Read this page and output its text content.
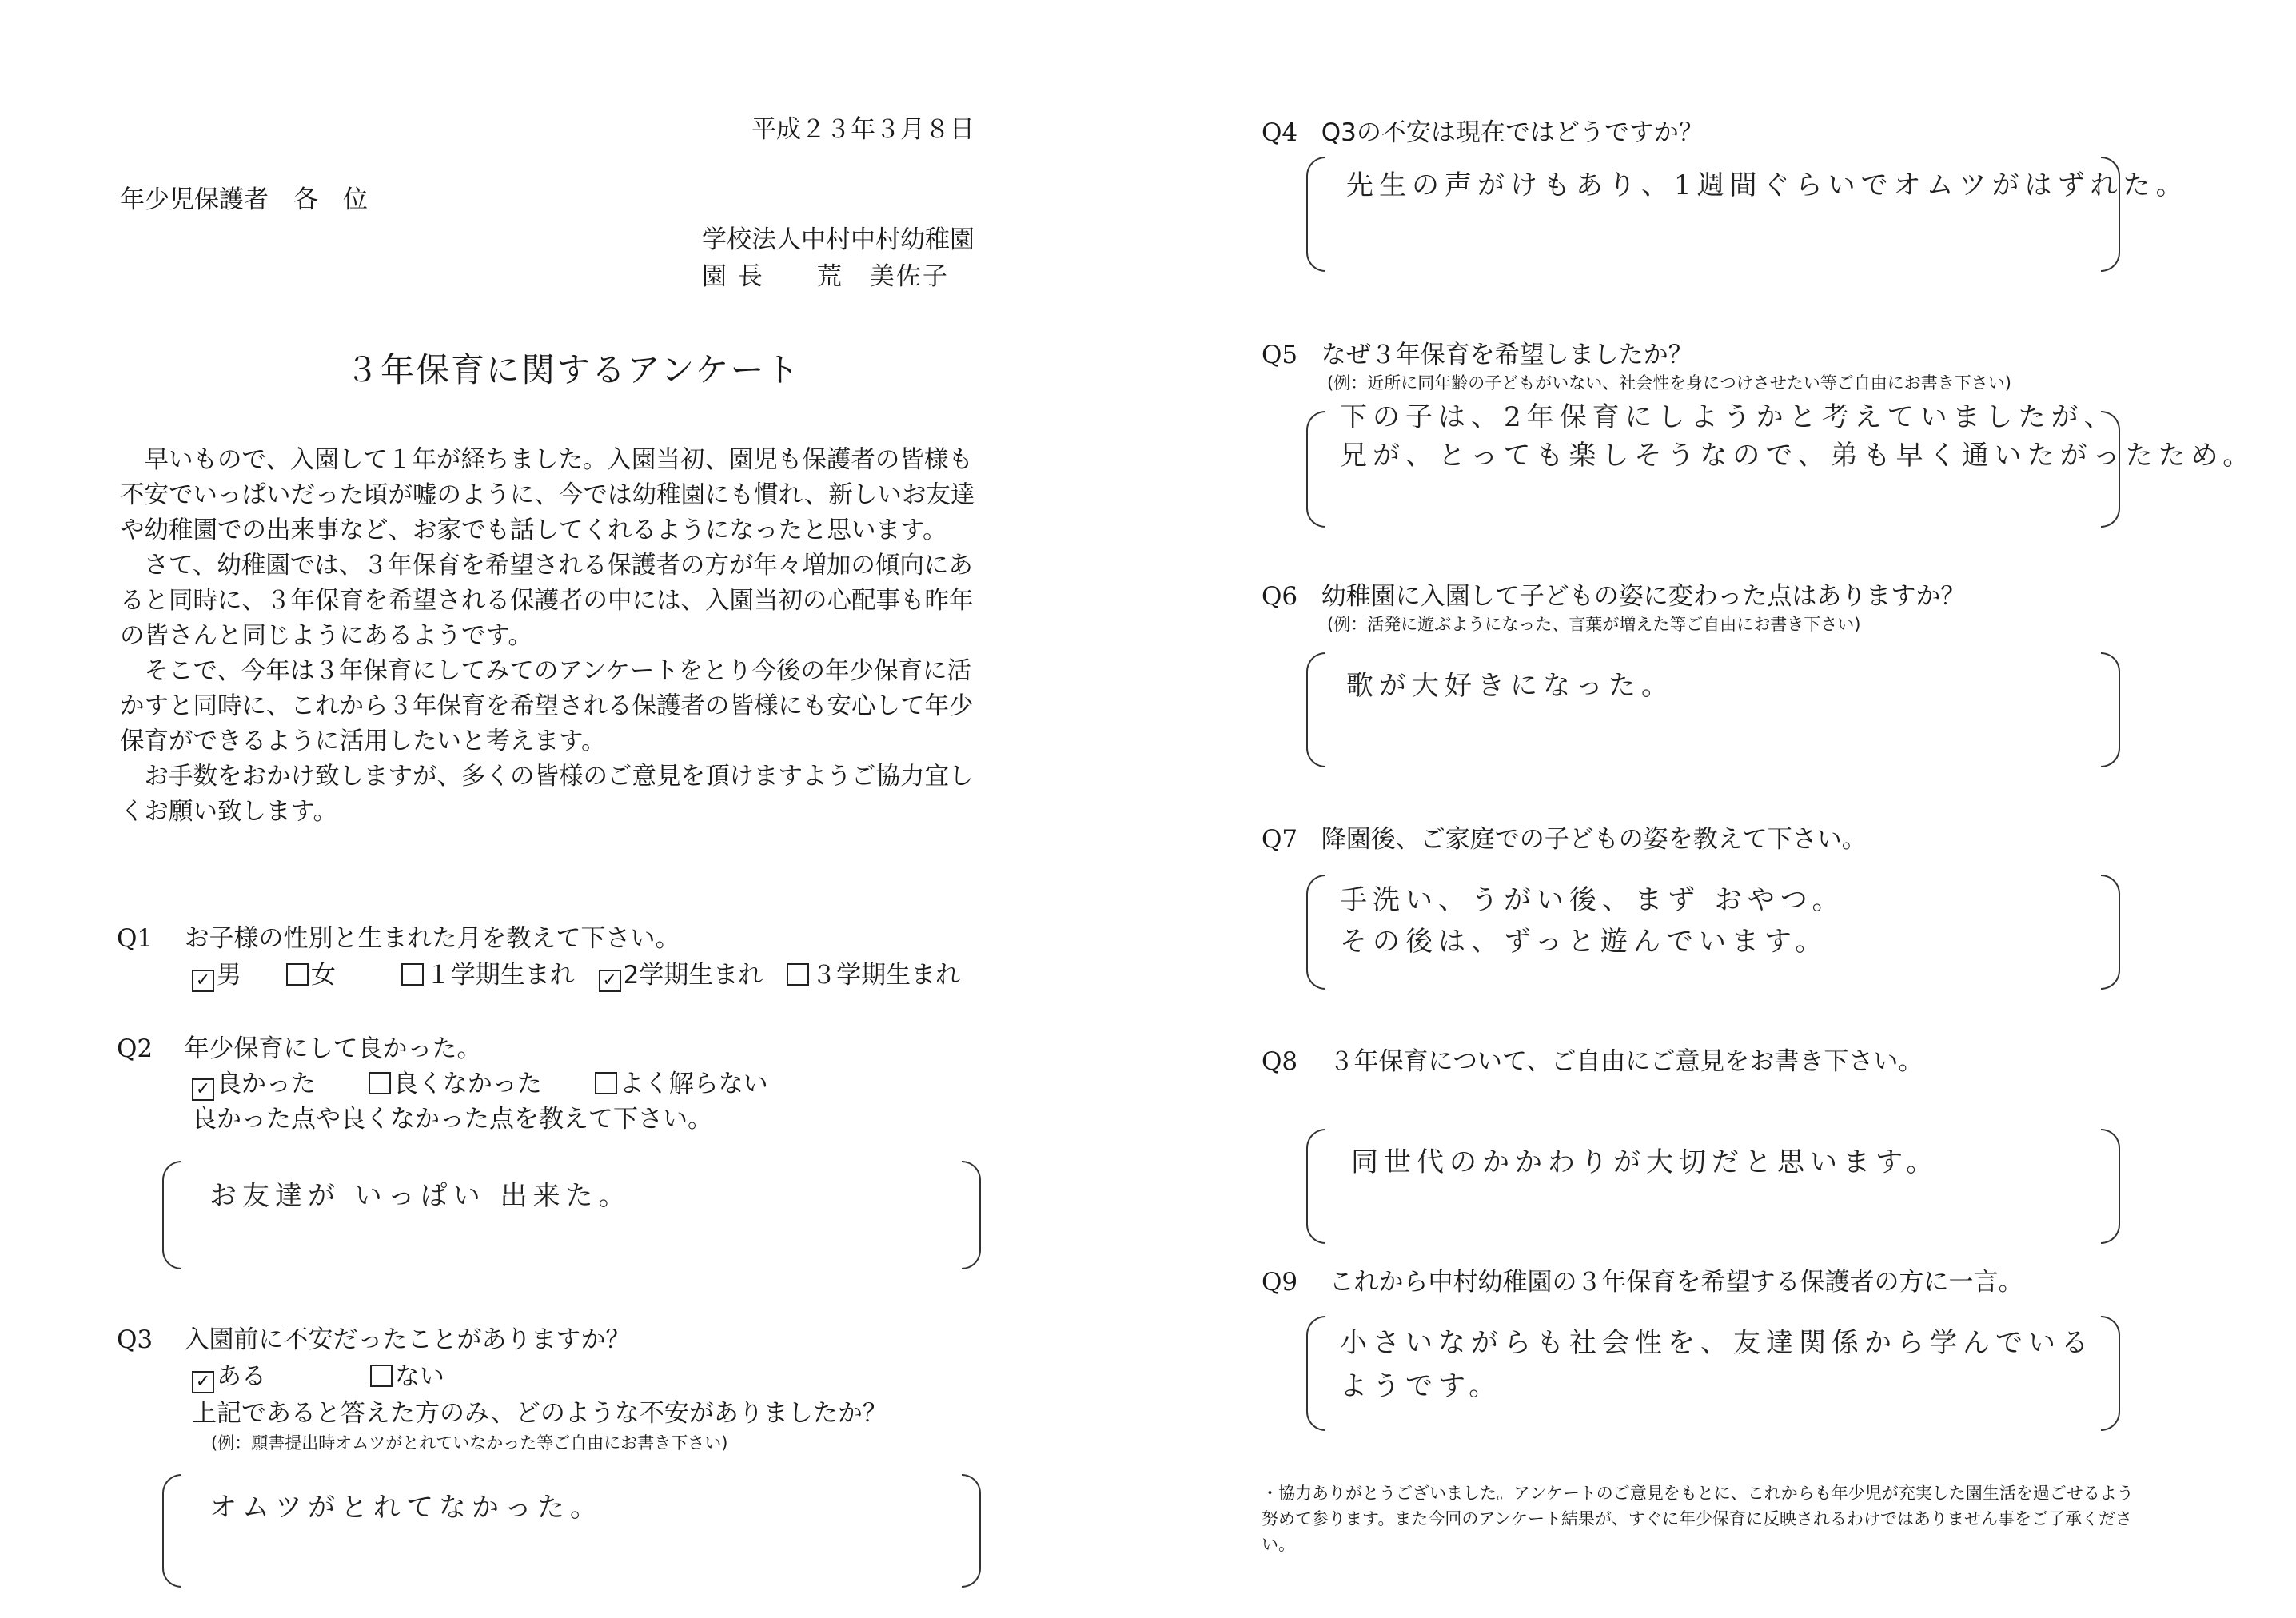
平成２３年３月８日
年少児保護者　各　位
学校法人中村中村幼稚園
園 長　　荒　美佐子
３年保育に関するアンケート

早いもので、入園して１年が経ちました。入園当初、園児も保護者の皆様も不安でいっぱいだった頃が嘘のように、今では幼稚園にも慣れ、新しいお友達や幼稚園での出来事など、お家でも話してくれるようになったと思います。

さて、幼稚園では、３年保育を希望される保護者の方が年々増加の傾向にあると同時に、３年保育を希望される保護者の中には、入園当初の心配事も昨年の皆さんと同じようにあるようです。

そこで、今年は３年保育にしてみてのアンケートをとり今後の年少保育に活かすと同時に、これから３年保育を希望される保護者の皆様にも安心して年少保育ができるように活用したいと考えます。

お手数をおかけ致しますが、多くの皆様のご意見を頂けますようご協力宜しくお願い致します。

Q1 お子様の性別と生まれた月を教えて下さい。
✓ 男	女	１学期生まれ ✓ 2学期生まれ ３学期生まれ
Q2 年少保育にして良かった。
✓ 良かった	良くなかった	よく解らない
良かった点や良くなかった点を教えて下さい。
お友達が いっぱい 出来た。
Q3 入園前に不安だったことがありますか？
✓ ある	ない
上記であると答えた方のみ、どのような不安がありましたか？
(例：願書提出時オムツがとれていなかった等ご自由にお書き下さい)
オムツがとれてなかった。
Q4 Q3の不安は現在ではどうですか？
先生の声がけもあり、1週間ぐらいでオムツがはずれた。
Q5 なぜ３年保育を希望しましたか？
(例：近所に同年齢の子どもがいない、社会性を身につけさせたい等ご自由にお書き下さい)
下の子は、2年保育にしようかと考えていましたが、
兄が、とっても楽しそうなので、弟も早く通いたがったため。
Q6 幼稚園に入園して子どもの姿に変わった点はありますか？
(例：活発に遊ぶようになった、言葉が増えた等ご自由にお書き下さい)
歌が大好きになった。
Q7 降園後、ご家庭での子どもの姿を教えて下さい。
手洗い、うがい後、まず おやつ。
その後は、ずっと遊んでいます。
Q8 ３年保育について、ご自由にご意見をお書き下さい。
同世代のかかわりが大切だと思います。
Q9 これから中村幼稚園の３年保育を希望する保護者の方に一言。
小さいながらも社会性を、友達関係から学んでいる
ようです。
・協力ありがとうございました。アンケートのご意見をもとに、これからも年少児が充実した園生活を過ごせるよう努めて参ります。また今回のアンケート結果が、すぐに年少保育に反映されるわけではありません事をご了承ください。
